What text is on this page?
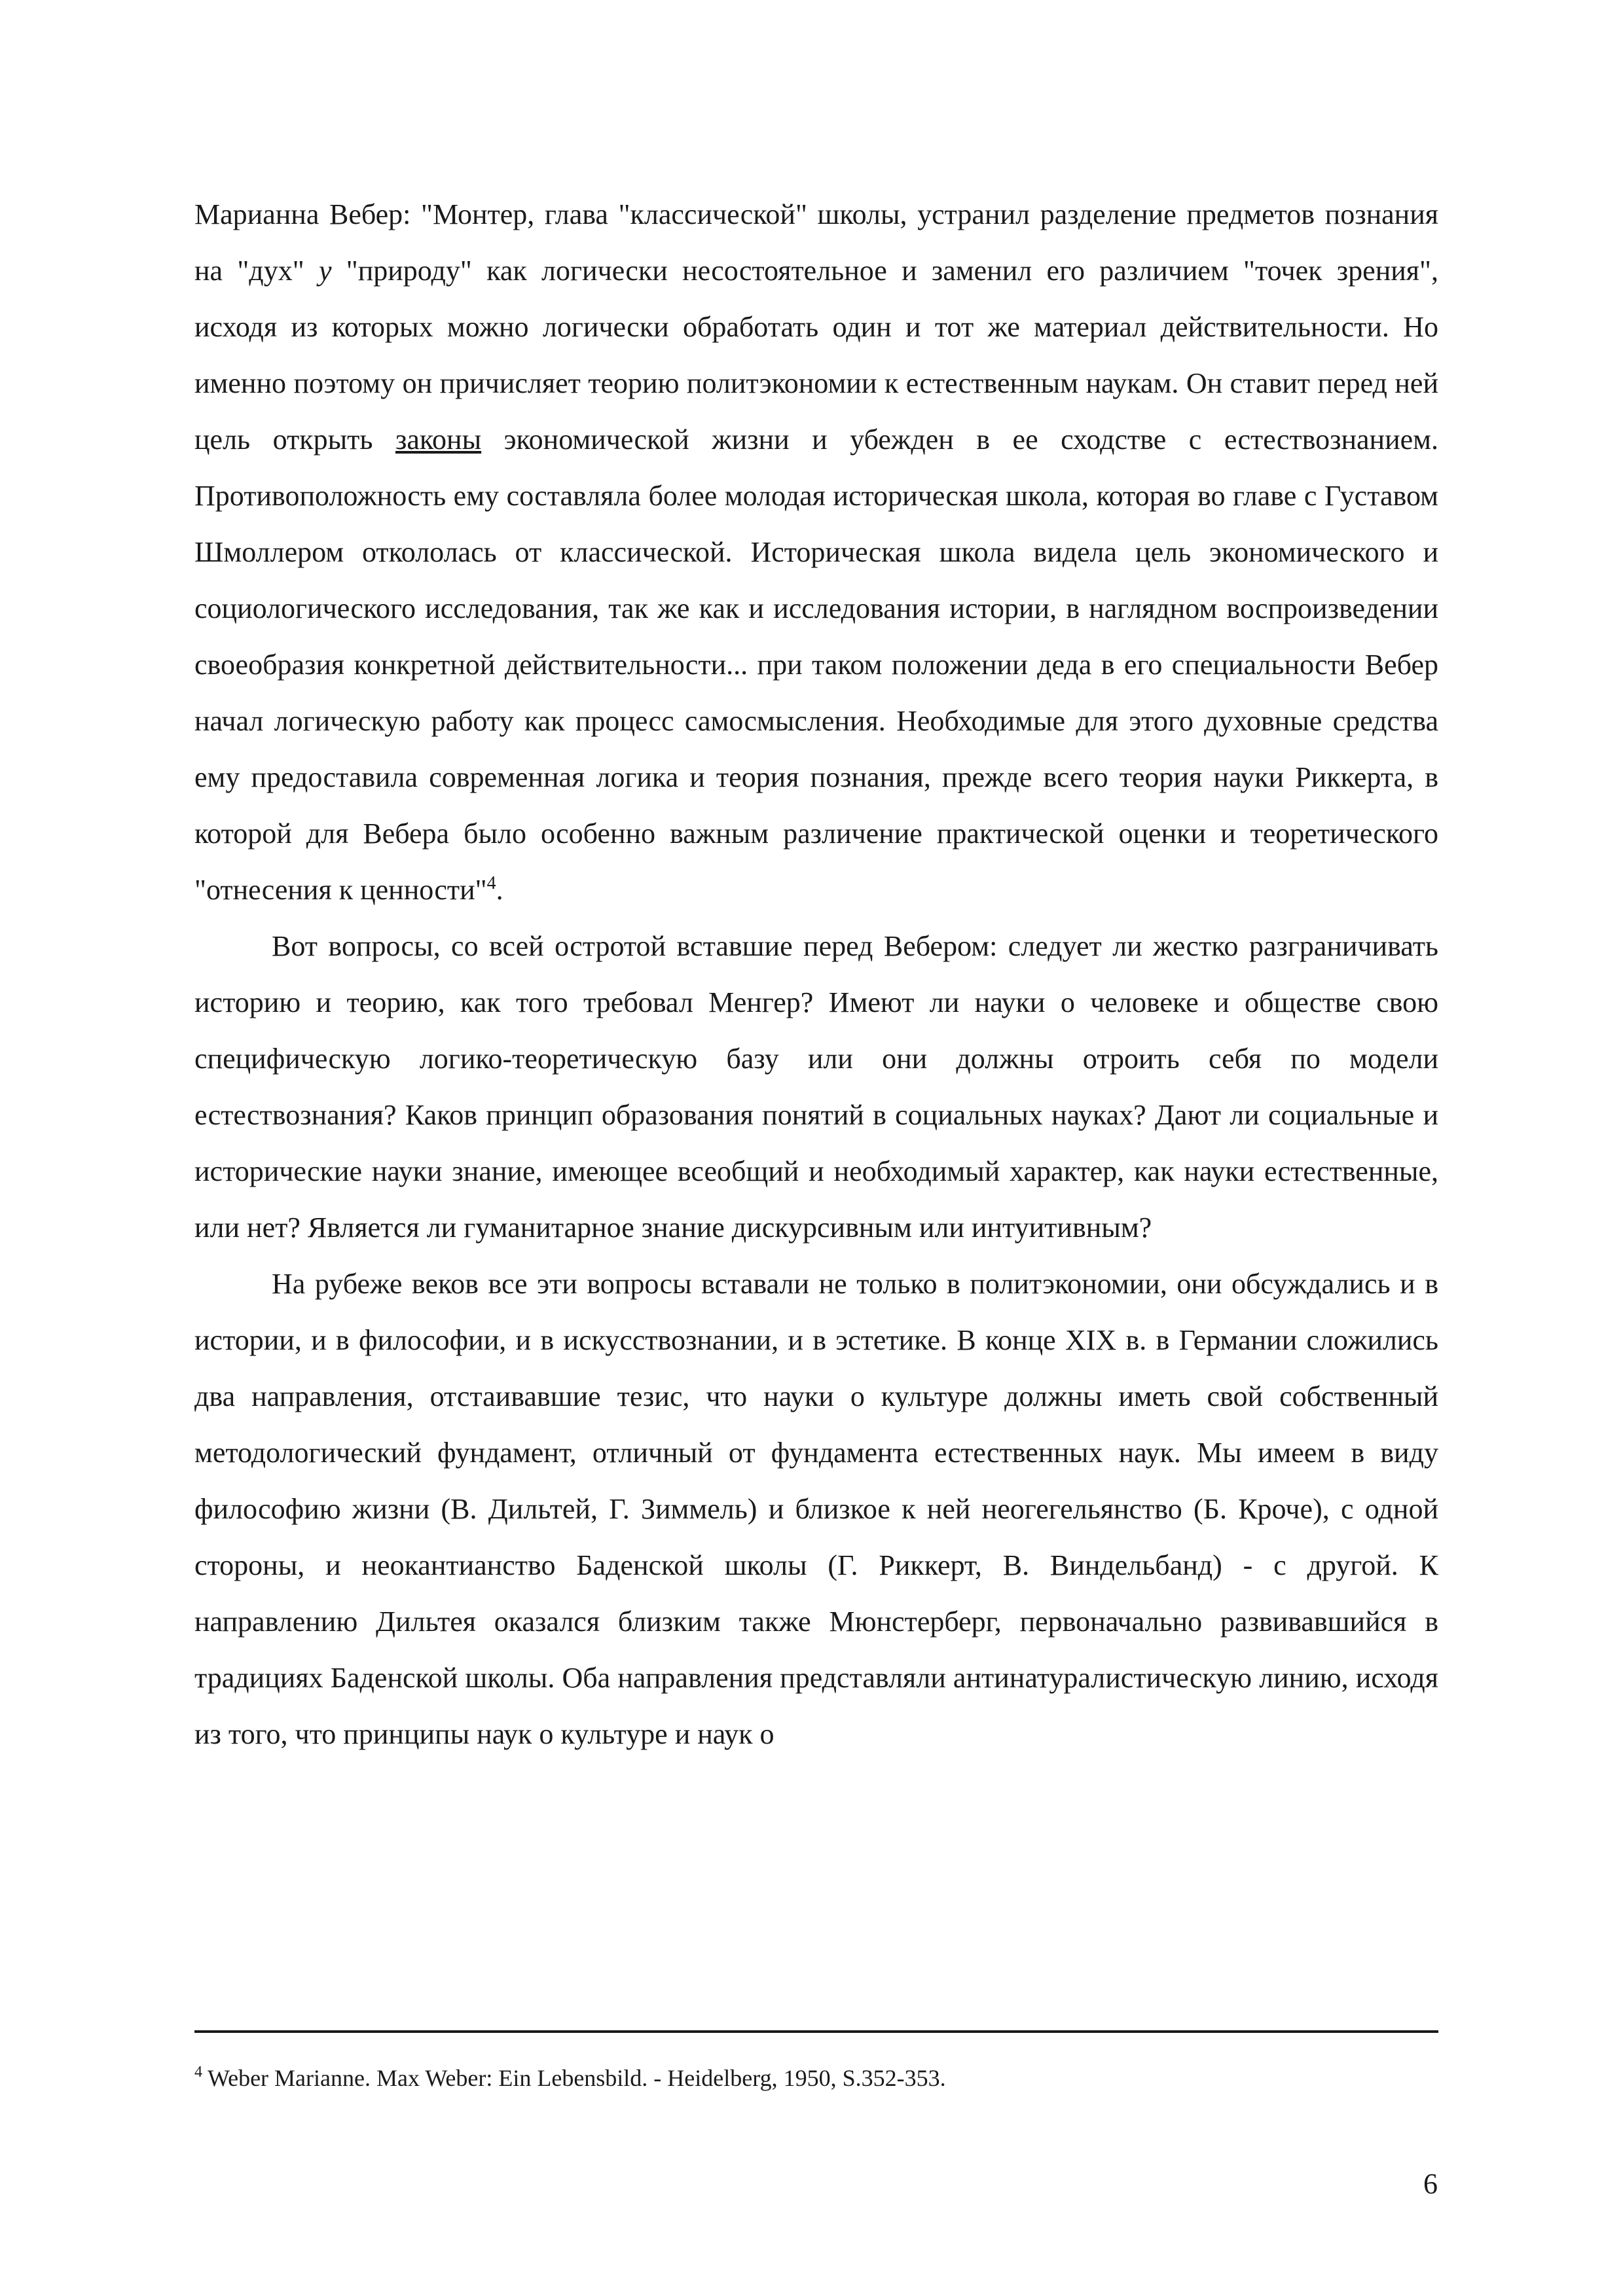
Марианна Вебер: "Монтер, глава "классической" школы, устранил разделение предметов познания на "дух" у "природу" как логически несостоятельное и заменил его различием "точек зрения", исходя из которых можно логически обработать один и тот же материал действительности. Но именно поэтому он причисляет теорию политэкономии к естественным наукам. Он ставит перед ней цель открыть законы экономической жизни и убежден в ее сходстве с естествознанием. Противоположность ему составляла более молодая историческая школа, которая во главе с Густавом Шмоллером откололась от классической. Историческая школа видела цель экономического и социологического исследования, так же как и исследования истории, в наглядном воспроизведении своеобразия конкретной действительности... при таком положении деда в его специальности Вебер начал логическую работу как процесс самосмысления. Необходимые для этого духовные средства ему предоставила современная логика и теория познания, прежде всего теория науки Риккерта, в которой для Вебера было особенно важным различение практической оценки и теоретического "отнесения к ценности"$^4$.

Вот вопросы, со всей остротой вставшие перед Вебером: следует ли жестко разграничивать историю и теорию, как того требовал Менгер? Имеют ли науки о человеке и обществе свою специфическую логико-теоретическую базу или они должны отроить себя по модели естествознания? Каков принцип образования понятий в социальных науках? Дают ли социальные и исторические науки знание, имеющее всеобщий и необходимый характер, как науки естественные, или нет? Является ли гуманитарное знание дискурсивным или интуитивным?

На рубеже веков все эти вопросы вставали не только в политэкономии, они обсуждались и в истории, и в философии, и в искусствознании, и в эстетике. В конце XIX в. в Германии сложились два направления, отстаивавшие тезис, что науки о культуре должны иметь свой собственный методологический фундамент, отличный от фундамента естественных наук. Мы имеем в виду философию жизни (В. Дильтей, Г. Зиммель) и близкое к ней неогегельянство (Б. Кроче), с одной стороны, и неокантианство Баденской школы (Г. Риккерт, В. Виндельбанд) - с другой. К направлению Дильтея оказался близким также Мюнстерберг, первоначально развивавшийся в традициях Баденской школы. Оба направления представляли антинатуралистическую линию, исходя из того, что принципы наук о культуре и наук о

$^4$ Weber Marianne. Max Weber: Ein Lebensbild. - Heidelberg, 1950, S.352-353.
6
